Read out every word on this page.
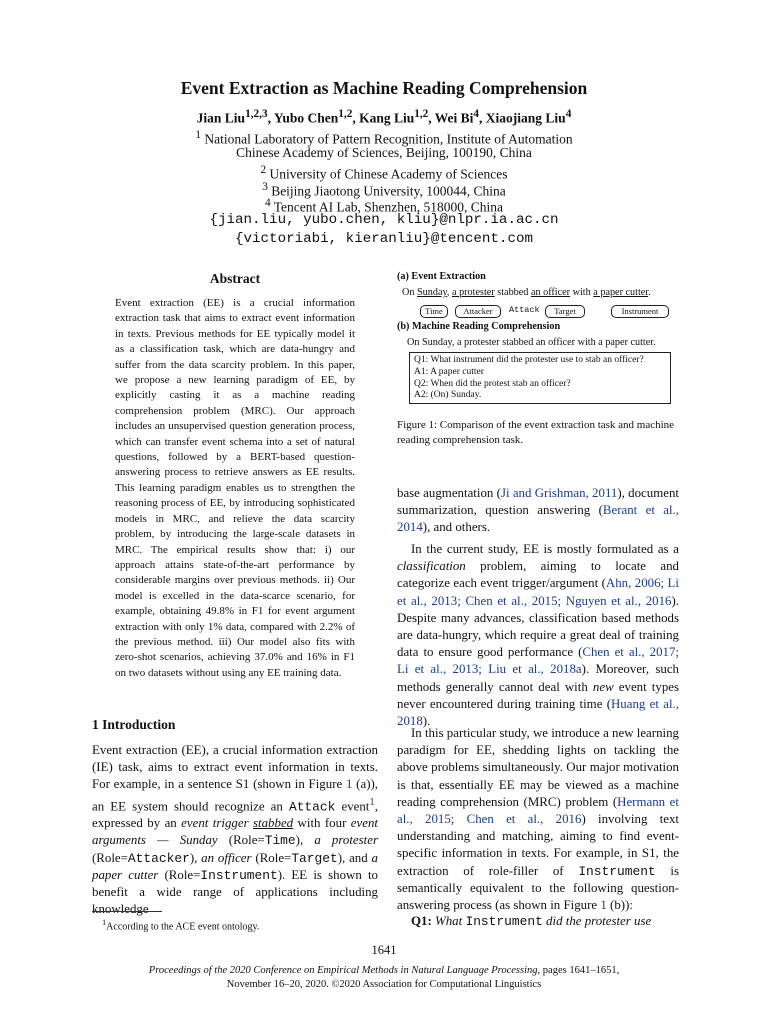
Event Extraction as Machine Reading Comprehension
Jian Liu$^{1,2,3}$, Yubo Chen$^{1,2}$, Kang Liu$^{1,2}$, Wei Bi$^4$, Xiaojiang Liu$^4$
$^1$ National Laboratory of Pattern Recognition, Institute of Automation
Chinese Academy of Sciences, Beijing, 100190, China
$^2$ University of Chinese Academy of Sciences
$^3$ Beijing Jiaotong University, 100044, China
$^4$ Tencent AI Lab, Shenzhen, 518000, China
{jian.liu, yubo.chen, kliu}@nlpr.ia.ac.cn
{victoriabi, kieranliu}@tencent.com
Abstract
Event extraction (EE) is a crucial information extraction task that aims to extract event information in texts. Previous methods for EE typically model it as a classification task, which are data-hungry and suffer from the data scarcity problem. In this paper, we propose a new learning paradigm of EE, by explicitly casting it as a machine reading comprehension problem (MRC). Our approach includes an unsupervised question generation process, which can transfer event schema into a set of natural questions, followed by a BERT-based question-answering process to retrieve answers as EE results. This learning paradigm enables us to strengthen the reasoning process of EE, by introducing sophisticated models in MRC, and relieve the data scarcity problem, by introducing the large-scale datasets in MRC. The empirical results show that: i) our approach attains state-of-the-art performance by considerable margins over previous methods. ii) Our model is excelled in the data-scarce scenario, for example, obtaining 49.8% in F1 for event argument extraction with only 1% data, compared with 2.2% of the previous method. iii) Our model also fits with zero-shot scenarios, achieving 37.0% and 16% in F1 on two datasets without using any EE training data.
1 Introduction
Event extraction (EE), a crucial information extraction (IE) task, aims to extract event information in texts. For example, in a sentence S1 (shown in Figure 1 (a)), an EE system should recognize an Attack event$^1$, expressed by an event trigger stabbed with four event arguments — Sunday (Role=Time), a protester (Role=Attacker), an officer (Role=Target), and a paper cutter (Role=Instrument). EE is shown to benefit a wide range of applications including knowledge
$^1$According to the ACE event ontology.
(a) Event Extraction
On Sunday, a protester stabbed an officer with a paper cutter.
Time	Attacker	Attack	Target	Instrument
(b) Machine Reading Comprehension
On Sunday, a protester stabbed an officer with a paper cutter.
Q1: What instrument did the protester use to stab an officer?
A1: A paper cutter
Q2: When did the protest stab an officer?
A2: (On) Sunday.
Figure 1: Comparison of the event extraction task and machine reading comprehension task.
base augmentation (Ji and Grishman, 2011), document summarization, question answering (Berant et al., 2014), and others.
In the current study, EE is mostly formulated as a classification problem, aiming to locate and categorize each event trigger/argument (Ahn, 2006; Li et al., 2013; Chen et al., 2015; Nguyen et al., 2016). Despite many advances, classification based methods are data-hungry, which require a great deal of training data to ensure good performance (Chen et al., 2017; Li et al., 2013; Liu et al., 2018a). Moreover, such methods generally cannot deal with new event types never encountered during training time (Huang et al., 2018).
In this particular study, we introduce a new learning paradigm for EE, shedding lights on tackling the above problems simultaneously. Our major motivation is that, essentially EE may be viewed as a machine reading comprehension (MRC) problem (Hermann et al., 2015; Chen et al., 2016) involving text understanding and matching, aiming to find event-specific information in texts. For example, in S1, the extraction of role-filler of Instrument is semantically equivalent to the following question-answering process (as shown in Figure 1 (b)):
Q1: What Instrument did the protester use
1641
Proceedings of the 2020 Conference on Empirical Methods in Natural Language Processing, pages 1641–1651,
November 16–20, 2020. ©2020 Association for Computational Linguistics
